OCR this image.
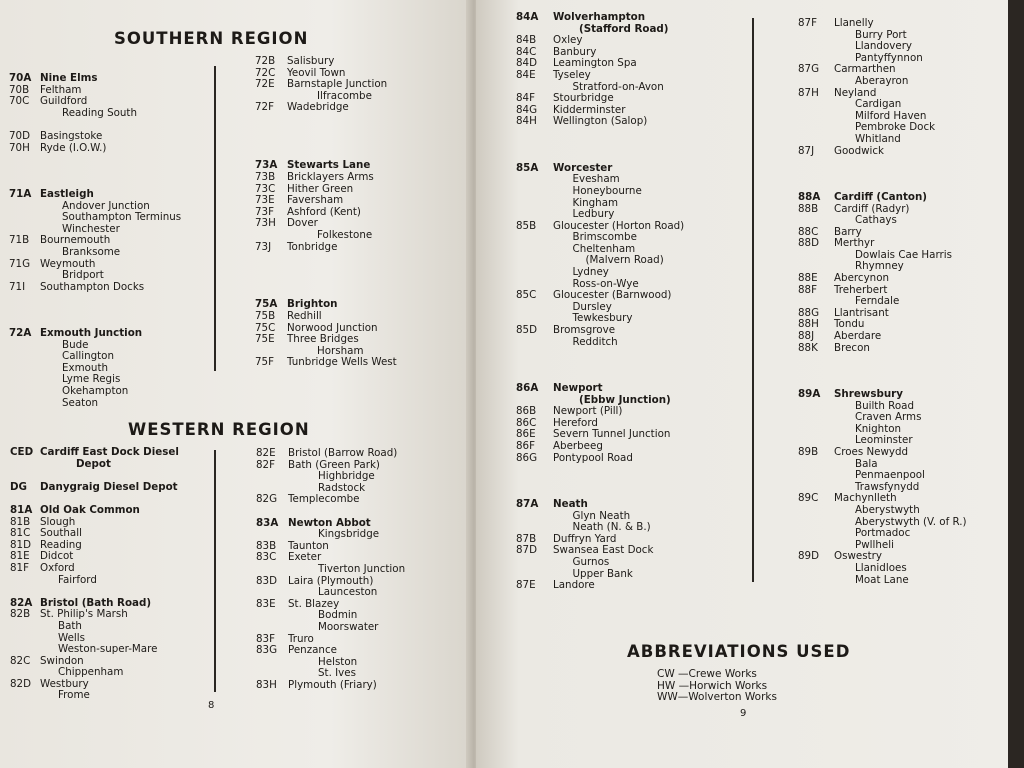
SOUTHERN REGION
70A Nine Elms
70B Feltham
70C Guildford
Reading South
70D Basingstoke
70H Ryde (I.O.W.)
71A Eastleigh
Andover Junction
Southampton Terminus
Winchester
71B Bournemouth
Branksome
71G Weymouth
Bridport
71I Southampton Docks
72A Exmouth Junction
Bude
Callington
Exmouth
Lyme Regis
Okehampton
Seaton
72B Salisbury
72C Yeovil Town
72E Barnstaple Junction
Ilfracombe
72F Wadebridge
73A Stewarts Lane
73B Bricklayers Arms
73C Hither Green
73E Faversham
73F Ashford (Kent)
73H Dover
Folkestone
73J Tonbridge
75A Brighton
75B Redhill
75C Norwood Junction
75E Three Bridges
Horsham
75F Tunbridge Wells West
WESTERN REGION
CED Cardiff East Dock Diesel
Depot
DG Danygraig Diesel Depot
81A Old Oak Common
81B Slough
81C Southall
81D Reading
81E Didcot
81F Oxford
Fairford
82A Bristol (Bath Road)
82B St. Philip's Marsh
Bath
Wells
Weston-super-Mare
82C Swindon
Chippenham
82D Westbury
Frome
82E Bristol (Barrow Road)
82F Bath (Green Park)
Highbridge
Radstock
82G Templecombe
83A Newton Abbot
Kingsbridge
83B Taunton
83C Exeter
Tiverton Junction
83D Laira (Plymouth)
Launceston
83E St. Blazey
Bodmin
Moorswater
83F Truro
83G Penzance
Helston
St. Ives
83H Plymouth (Friary)
8
84A Wolverhampton
(Stafford Road)
84B Oxley
84C Banbury
84D Leamington Spa
84E Tyseley
Stratford-on-Avon
84F Stourbridge
84G Kidderminster
84H Wellington (Salop)
85A Worcester
Evesham
Honeybourne
Kingham
Ledbury
85B Gloucester (Horton Road)
Brimscombe
Cheltenham
(Malvern Road)
Lydney
Ross-on-Wye
85C Gloucester (Barnwood)
Dursley
Tewkesbury
85D Bromsgrove
Redditch
86A Newport
(Ebbw Junction)
86B Newport (Pill)
86C Hereford
86E Severn Tunnel Junction
86F Aberbeeg
86G Pontypool Road
87A Neath
Glyn Neath
Neath (N. & B.)
87B Duffryn Yard
87D Swansea East Dock
Gurnos
Upper Bank
87E Landore
87F Llanelly
Burry Port
Llandovery
Pantyffynnon
87G Carmarthen
Aberayron
87H Neyland
Cardigan
Milford Haven
Pembroke Dock
Whitland
87J Goodwick
88A Cardiff (Canton)
88B Cardiff (Radyr)
Cathays
88C Barry
88D Merthyr
Dowlais Cae Harris
Rhymney
88E Abercynon
88F Treherbert
Ferndale
88G Llantrisant
88H Tondu
88J Aberdare
88K Brecon
89A Shrewsbury
Builth Road
Craven Arms
Knighton
Leominster
89B Croes Newydd
Bala
Penmaenpool
Trawsfynydd
89C Machynlleth
Aberystwyth
Aberystwyth (V. of R.)
Portmadoc
Pwllheli
89D Oswestry
Llanidloes
Moat Lane
ABBREVIATIONS USED
CW —Crewe Works
HW —Horwich Works
WW—Wolverton Works
9
